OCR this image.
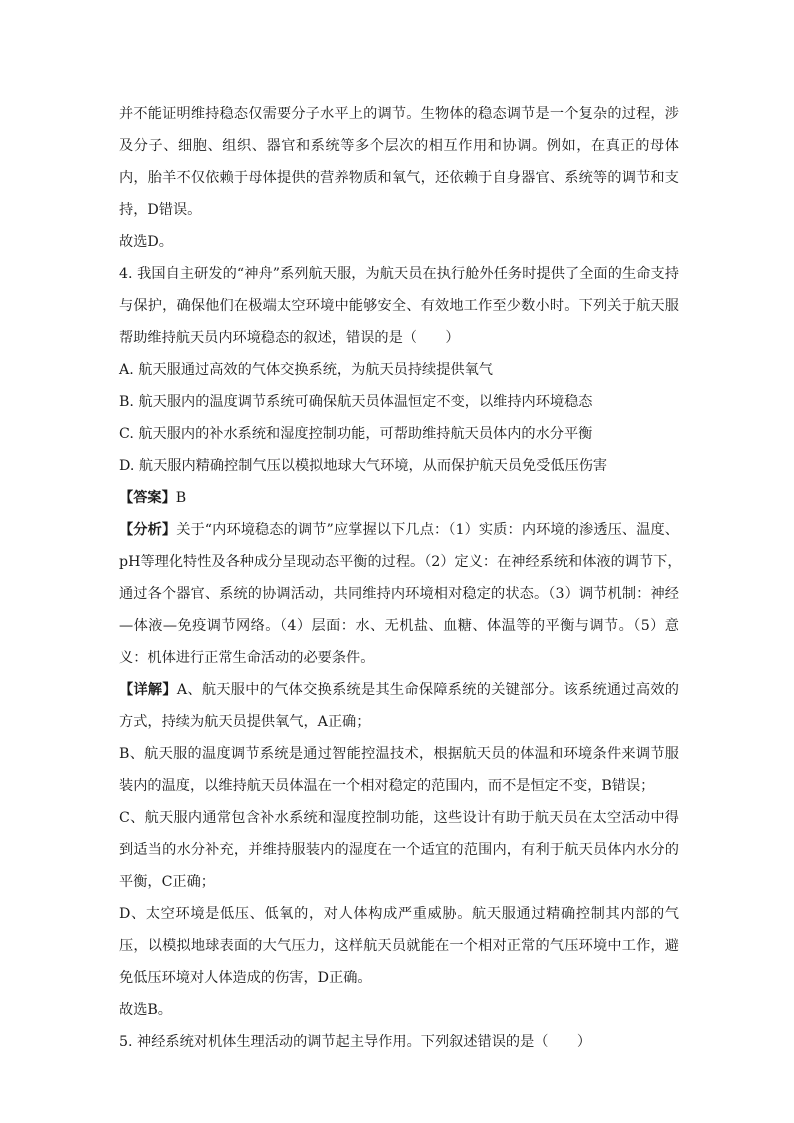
并不能证明维持稳态仅需要分子水平上的调节。生物体的稳态调节是一个复杂的过程，涉
及分子、细胞、组织、器官和系统等多个层次的相互作用和协调。例如，在真正的母体
内，胎羊不仅依赖于母体提供的营养物质和氧气，还依赖于自身器官、系统等的调节和支
持，D错误。
故选D。
4. 我国自主研发的“神舟”系列航天服，为航天员在执行舱外任务时提供了全面的生命支持
与保护，确保他们在极端太空环境中能够安全、有效地工作至少数小时。下列关于航天服
帮助维持航天员内环境稳态的叙述，错误的是（　　）
A. 航天服通过高效的气体交换系统，为航天员持续提供氧气
B. 航天服内的温度调节系统可确保航天员体温恒定不变，以维持内环境稳态
C. 航天服内的补水系统和湿度控制功能，可帮助维持航天员体内的水分平衡
D. 航天服内精确控制气压以模拟地球大气环境，从而保护航天员免受低压伤害
【答案】B
【分析】关于“内环境稳态的调节”应掌握以下几点：（1）实质：内环境的渗透压、温度、
pH等理化特性及各种成分呈现动态平衡的过程。（2）定义：在神经系统和体液的调节下，
通过各个器官、系统的协调活动，共同维持内环境相对稳定的状态。（3）调节机制：神经
—体液—免疫调节网络。（4）层面：水、无机盐、血糖、体温等的平衡与调节。（5）意
义：机体进行正常生命活动的必要条件。
【详解】A、航天服中的气体交换系统是其生命保障系统的关键部分。该系统通过高效的
方式，持续为航天员提供氧气，A正确；
B、航天服的温度调节系统是通过智能控温技术，根据航天员的体温和环境条件来调节服
装内的温度，以维持航天员体温在一个相对稳定的范围内，而不是恒定不变，B错误；
C、航天服内通常包含补水系统和湿度控制功能，这些设计有助于航天员在太空活动中得
到适当的水分补充，并维持服装内的湿度在一个适宜的范围内，有利于航天员体内水分的
平衡，C正确；
D、太空环境是低压、低氧的，对人体构成严重威胁。航天服通过精确控制其内部的气
压，以模拟地球表面的大气压力，这样航天员就能在一个相对正常的气压环境中工作，避
免低压环境对人体造成的伤害，D正确。
故选B。
5. 神经系统对机体生理活动的调节起主导作用。下列叙述错误的是（　　）
